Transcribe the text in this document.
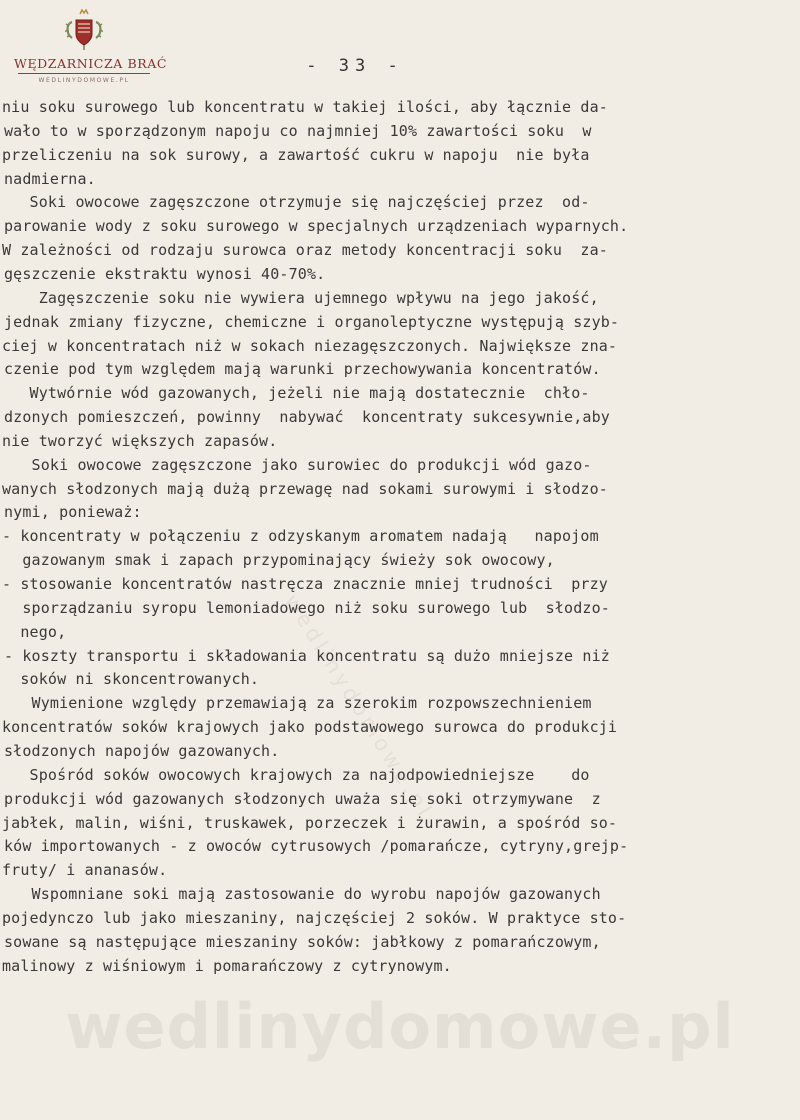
WĘDZARNICZA BRAĆ
WEDLINYDOMOWE.PL
- 33 -
wedlinydomowe.pl
niu soku surowego lub koncentratu w takiej ilości, aby łącznie da-
wało to w sporządzonym napoju co najmniej 10% zawartości soku  w
przeliczeniu na sok surowy, a zawartość cukru w napoju  nie była
nadmierna.
Soki owocowe zagęszczone otrzymuje się najczęściej przez  od-
parowanie wody z soku surowego w specjalnych urządzeniach wyparnych.
W zależności od rodzaju surowca oraz metody koncentracji soku  za-
gęszczenie ekstraktu wynosi 40-70%.
Zagęszczenie soku nie wywiera ujemnego wpływu na jego jakość,
jednak zmiany fizyczne, chemiczne i organoleptyczne występują szyb-
ciej w koncentratach niż w sokach niezagęszczonych. Największe zna-
czenie pod tym względem mają warunki przechowywania koncentratów.
Wytwórnie wód gazowanych, jeżeli nie mają dostatecznie  chło-
dzonych pomieszczeń, powinny  nabywać  koncentraty sukcesywnie,aby
nie tworzyć większych zapasów.
Soki owocowe zagęszczone jako surowiec do produkcji wód gazo-
wanych słodzonych mają dużą przewagę nad sokami surowymi i słodzo-
nymi, ponieważ:
- koncentraty w połączeniu z odzyskanym aromatem nadają   napojom
gazowanym smak i zapach przypominający świeży sok owocowy,
- stosowanie koncentratów nastręcza znacznie mniej trudności  przy
sporządzaniu syropu lemoniadowego niż soku surowego lub  słodzo-
nego,
- koszty transportu i składowania koncentratu są dużo mniejsze niż
soków ni skoncentrowanych.
Wymienione względy przemawiają za szerokim rozpowszechnieniem
koncentratów soków krajowych jako podstawowego surowca do produkcji
słodzonych napojów gazowanych.
Spośród soków owocowych krajowych za najodpowiedniejsze    do
produkcji wód gazowanych słodzonych uważa się soki otrzymywane  z
jabłek, malin, wiśni, truskawek, porzeczek i żurawin, a spośród so-
ków importowanych - z owoców cytrusowych /pomarańcze, cytryny,grejp-
fruty/ i ananasów.
Wspomniane soki mają zastosowanie do wyrobu napojów gazowanych
pojedynczo lub jako mieszaniny, najczęściej 2 soków. W praktyce sto-
sowane są następujące mieszaniny soków: jabłkowy z pomarańczowym,
malinowy z wiśniowym i pomarańczowy z cytrynowym.
wedlinydomowe.pl
